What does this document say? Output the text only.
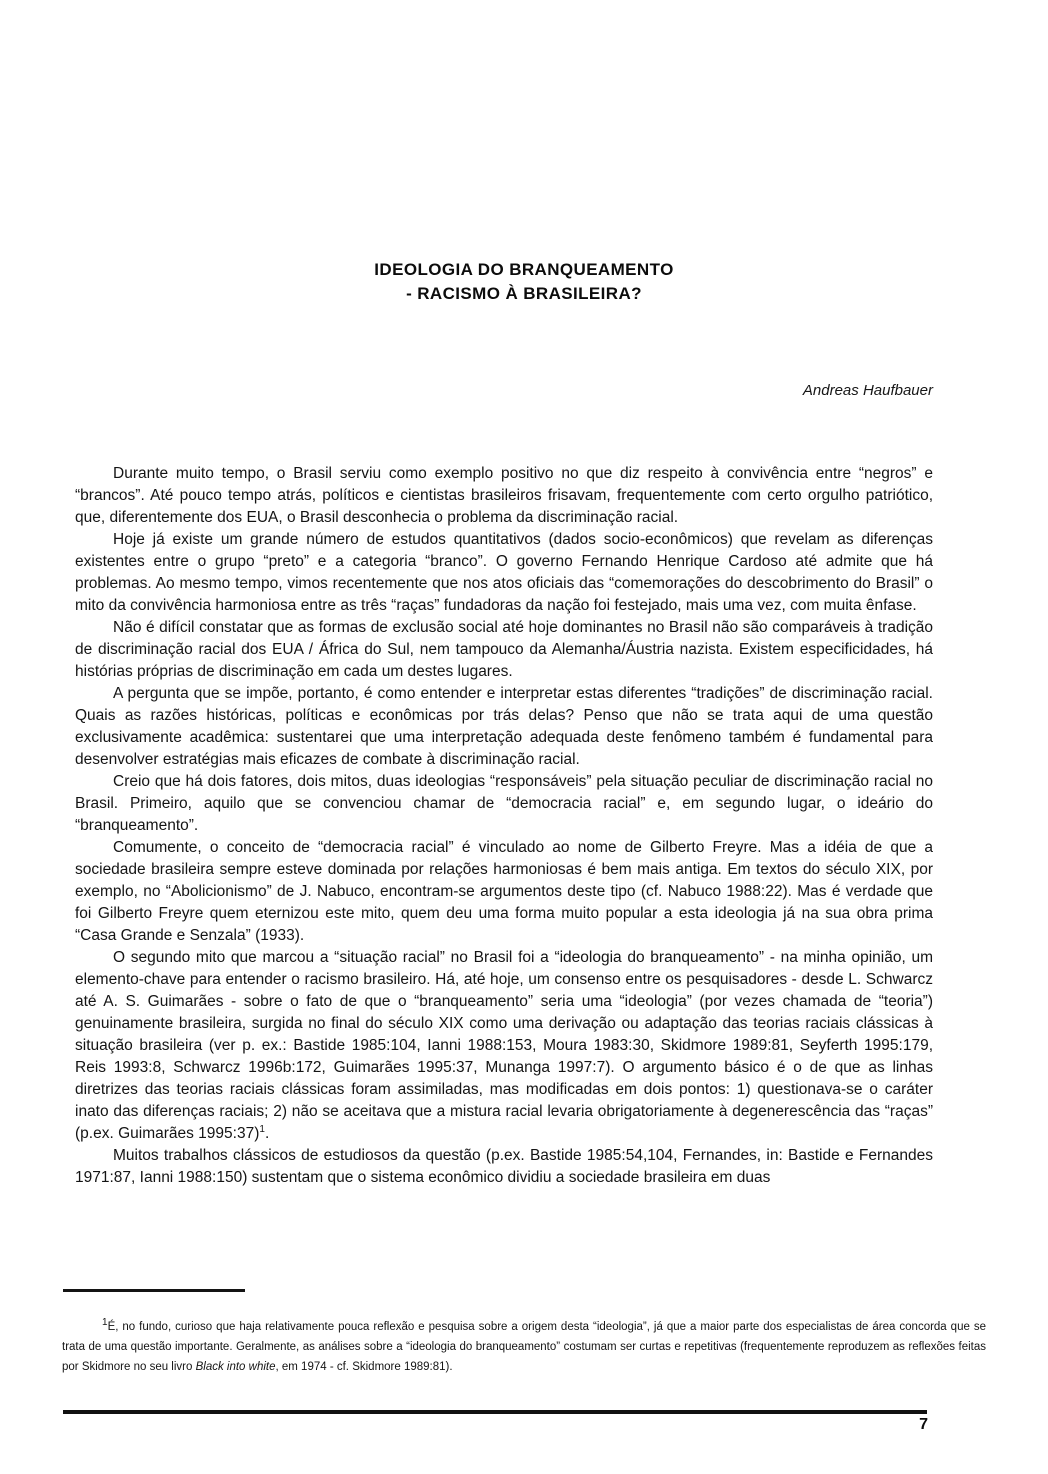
IDEOLOGIA DO BRANQUEAMENTO
- RACISMO À BRASILEIRA?
Andreas Haufbauer

Durante muito tempo, o Brasil serviu como exemplo positivo no que diz respeito à convivência entre “negros” e “brancos”. Até pouco tempo atrás, políticos e cientistas brasileiros frisavam, frequentemente com certo orgulho patriótico, que, diferentemente dos EUA, o Brasil desconhecia o problema da discriminação racial.

Hoje já existe um grande número de estudos quantitativos (dados socio-econômicos) que revelam as diferenças existentes entre o grupo “preto” e a categoria “branco”. O governo Fernando Henrique Cardoso até admite que há problemas. Ao mesmo tempo, vimos recentemente que nos atos oficiais das “comemorações do descobrimento do Brasil” o mito da convivência harmoniosa entre as três “raças” fundadoras da nação foi festejado, mais uma vez, com muita ênfase.

Não é difícil constatar que as formas de exclusão social até hoje dominantes no Brasil não são comparáveis à tradição de discriminação racial dos EUA / África do Sul, nem tampouco da Alemanha/Áustria nazista. Existem especificidades, há histórias próprias de discriminação em cada um destes lugares.

A pergunta que se impõe, portanto, é como entender e interpretar estas diferentes “tradições” de discriminação racial. Quais as razões históricas, políticas e econômicas por trás delas? Penso que não se trata aqui de uma questão exclusivamente acadêmica: sustentarei que uma interpretação adequada deste fenômeno também é fundamental para desenvolver estratégias mais eficazes de combate à discriminação racial.

Creio que há dois fatores, dois mitos, duas ideologias “responsáveis” pela situação peculiar de discriminação racial no Brasil. Primeiro, aquilo que se convenciou chamar de “democracia racial” e, em segundo lugar, o ideário do “branqueamento”.

Comumente, o conceito de “democracia racial” é vinculado ao nome de Gilberto Freyre. Mas a idéia de que a sociedade brasileira sempre esteve dominada por relações harmoniosas é bem mais antiga. Em textos do século XIX, por exemplo, no “Abolicionismo” de J. Nabuco, encontram-se argumentos deste tipo (cf. Nabuco 1988:22). Mas é verdade que foi Gilberto Freyre quem eternizou este mito, quem deu uma forma muito popular a esta ideologia já na sua obra prima “Casa Grande e Senzala” (1933).

O segundo mito que marcou a “situação racial” no Brasil foi a “ideologia do branqueamento” - na minha opinião, um elemento-chave para entender o racismo brasileiro. Há, até hoje, um consenso entre os pesquisadores - desde L. Schwarcz até A. S. Guimarães - sobre o fato de que o “branqueamento” seria uma “ideologia” (por vezes chamada de “teoria”) genuinamente brasileira, surgida no final do século XIX como uma derivação ou adaptação das teorias raciais clássicas à situação brasileira (ver p. ex.: Bastide 1985:104, Ianni 1988:153, Moura 1983:30, Skidmore 1989:81, Seyferth 1995:179, Reis 1993:8, Schwarcz 1996b:172, Guimarães 1995:37, Munanga 1997:7). O argumento básico é o de que as linhas diretrizes das teorias raciais clássicas foram assimiladas, mas modificadas em dois pontos: 1) questionava-se o caráter inato das diferenças raciais; 2) não se aceitava que a mistura racial levaria obrigatoriamente à degenerescência das “raças” (p.ex. Guimarães 1995:37)$^1$.

Muitos trabalhos clássicos de estudiosos da questão (p.ex. Bastide 1985:54,104, Fernandes, in: Bastide e Fernandes 1971:87, Ianni 1988:150) sustentam que o sistema econômico dividiu a sociedade brasileira em duas

$^1$É, no fundo, curioso que haja relativamente pouca reflexão e pesquisa sobre a origem desta “ideologia”, já que a maior parte dos especialistas de área concorda que se trata de uma questão importante. Geralmente, as análises sobre a “ideologia do branqueamento” costumam ser curtas e repetitivas (frequentemente reproduzem as reflexões feitas por Skidmore no seu livro Black into white, em 1974 - cf. Skidmore 1989:81).

7
